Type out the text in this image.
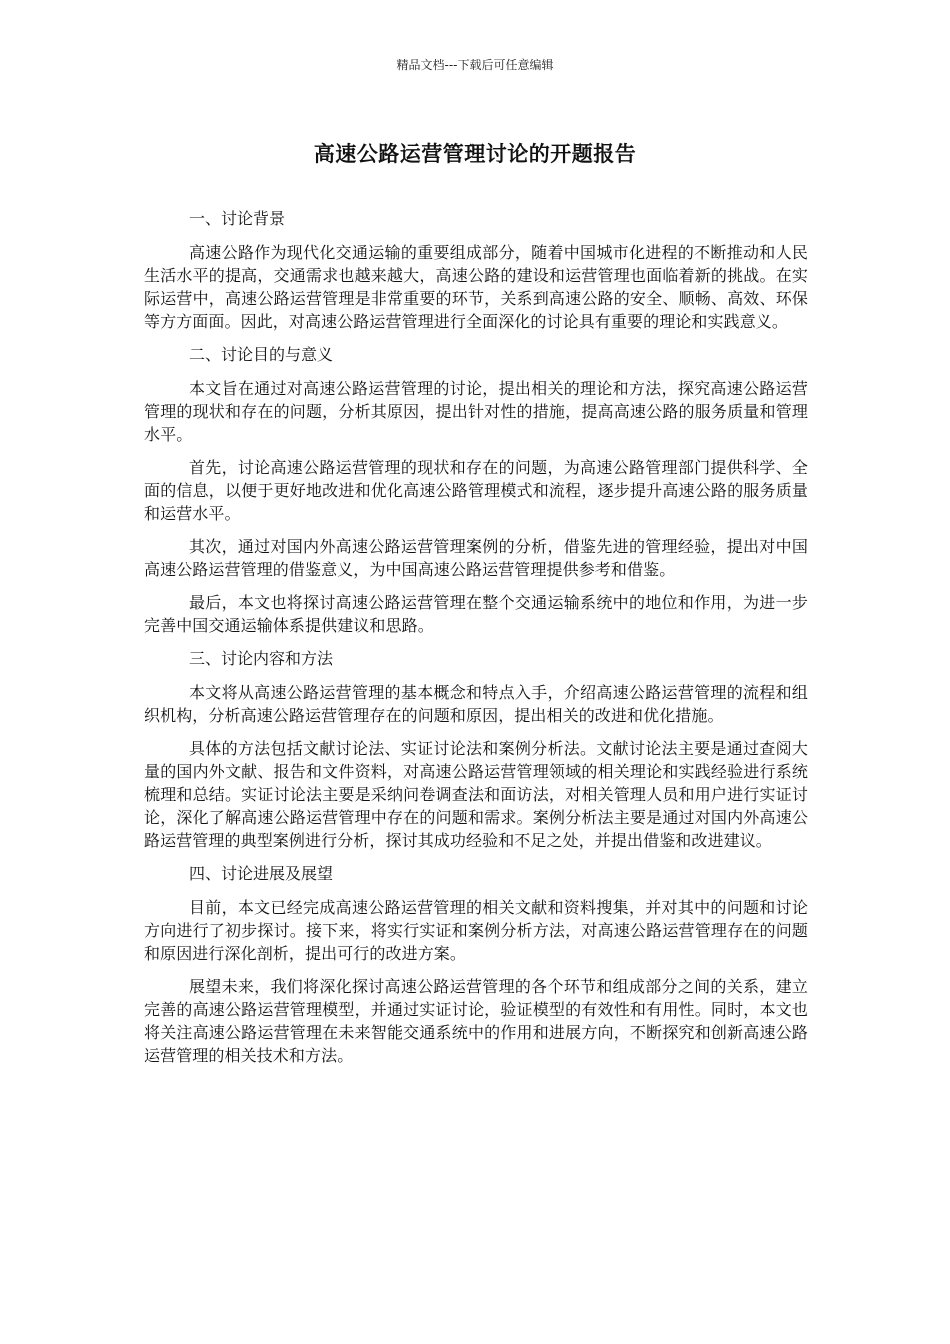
精品文档---下载后可任意编辑
高速公路运营管理讨论的开题报告
一、讨论背景

高速公路作为现代化交通运输的重要组成部分，随着中国城市化进程的不断推动和人民生活水平的提高，交通需求也越来越大，高速公路的建设和运营管理也面临着新的挑战。在实际运营中，高速公路运营管理是非常重要的环节，关系到高速公路的安全、顺畅、高效、环保等方方面面。因此，对高速公路运营管理进行全面深化的讨论具有重要的理论和实践意义。

二、讨论目的与意义

本文旨在通过对高速公路运营管理的讨论，提出相关的理论和方法，探究高速公路运营管理的现状和存在的问题，分析其原因，提出针对性的措施，提高高速公路的服务质量和管理水平。

首先，讨论高速公路运营管理的现状和存在的问题，为高速公路管理部门提供科学、全面的信息，以便于更好地改进和优化高速公路管理模式和流程，逐步提升高速公路的服务质量和运营水平。

其次，通过对国内外高速公路运营管理案例的分析，借鉴先进的管理经验，提出对中国高速公路运营管理的借鉴意义，为中国高速公路运营管理提供参考和借鉴。

最后，本文也将探讨高速公路运营管理在整个交通运输系统中的地位和作用，为进一步完善中国交通运输体系提供建议和思路。

三、讨论内容和方法

本文将从高速公路运营管理的基本概念和特点入手，介绍高速公路运营管理的流程和组织机构，分析高速公路运营管理存在的问题和原因，提出相关的改进和优化措施。

具体的方法包括文献讨论法、实证讨论法和案例分析法。文献讨论法主要是通过查阅大量的国内外文献、报告和文件资料，对高速公路运营管理领域的相关理论和实践经验进行系统梳理和总结。实证讨论法主要是采纳问卷调查法和面访法，对相关管理人员和用户进行实证讨论，深化了解高速公路运营管理中存在的问题和需求。案例分析法主要是通过对国内外高速公路运营管理的典型案例进行分析，探讨其成功经验和不足之处，并提出借鉴和改进建议。

四、讨论进展及展望

目前，本文已经完成高速公路运营管理的相关文献和资料搜集，并对其中的问题和讨论方向进行了初步探讨。接下来，将实行实证和案例分析方法，对高速公路运营管理存在的问题和原因进行深化剖析，提出可行的改进方案。

展望未来，我们将深化探讨高速公路运营管理的各个环节和组成部分之间的关系，建立完善的高速公路运营管理模型，并通过实证讨论，验证模型的有效性和有用性。同时，本文也将关注高速公路运营管理在未来智能交通系统中的作用和进展方向，不断探究和创新高速公路运营管理的相关技术和方法。
